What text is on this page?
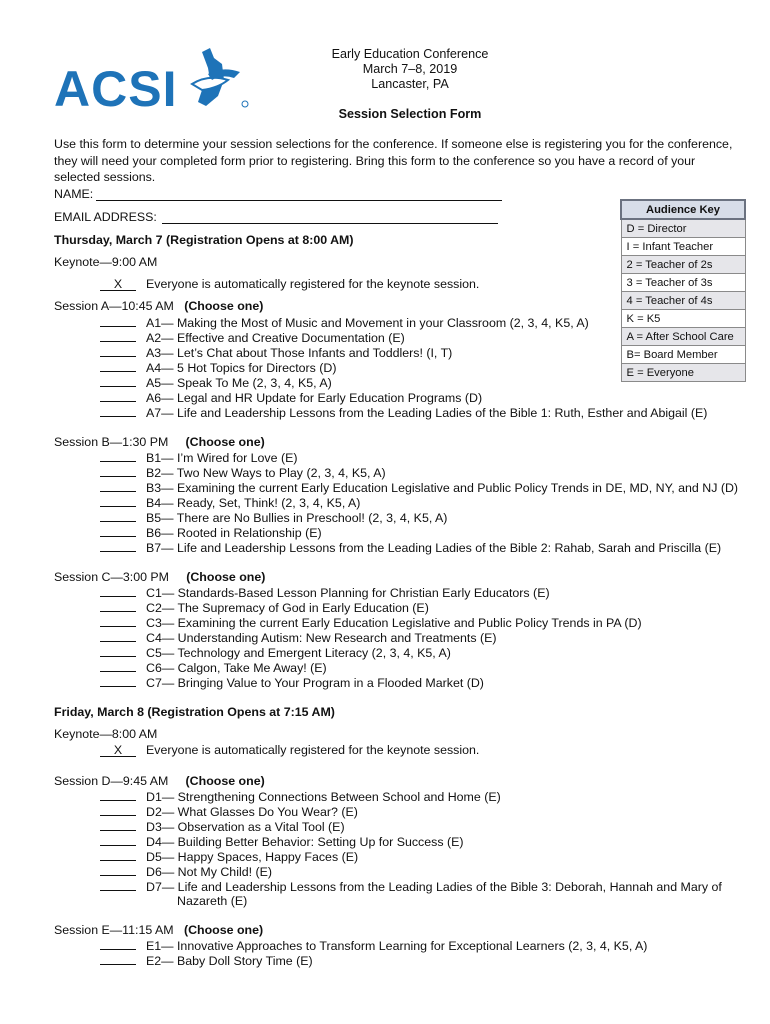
ACSI
Early Education Conference
March 7–8, 2019
Lancaster, PA
Session Selection Form
Use this form to determine your session selections for the conference. If someone else is registering you for the conference, they will need your completed form prior to registering. Bring this form to the conference so you have a record of your selected sessions.
NAME:
EMAIL ADDRESS:
Audience Key
D = Director
I = Infant Teacher
2 = Teacher of 2s
3 = Teacher of 3s
4 = Teacher of 4s
K = K5
A = After School Care
B= Board Member
E = Everyone
Thursday, March 7 (Registration Opens at 8:00 AM)
Keynote—9:00 AM
X Everyone is automatically registered for the keynote session.
Session A—10:45 AM (Choose one)
A1— Making the Most of Music and Movement in your Classroom (2, 3, 4, K5, A)
A2— Effective and Creative Documentation (E)
A3— Let’s Chat about Those Infants and Toddlers! (I, T)
A4— 5 Hot Topics for Directors (D)
A5— Speak To Me (2, 3, 4, K5, A)
A6— Legal and HR Update for Early Education Programs (D)
A7— Life and Leadership Lessons from the Leading Ladies of the Bible 1: Ruth, Esther and Abigail (E)
Session B—1:30 PM (Choose one)
B1— I’m Wired for Love (E)
B2— Two New Ways to Play (2, 3, 4, K5, A)
B3— Examining the current Early Education Legislative and Public Policy Trends in DE, MD, NY, and NJ (D)
B4— Ready, Set, Think! (2, 3, 4, K5, A)
B5— There are No Bullies in Preschool! (2, 3, 4, K5, A)
B6— Rooted in Relationship (E)
B7— Life and Leadership Lessons from the Leading Ladies of the Bible 2: Rahab, Sarah and Priscilla (E)
Session C—3:00 PM (Choose one)
C1— Standards-Based Lesson Planning for Christian Early Educators (E)
C2— The Supremacy of God in Early Education (E)
C3— Examining the current Early Education Legislative and Public Policy Trends in PA (D)
C4— Understanding Autism: New Research and Treatments (E)
C5— Technology and Emergent Literacy (2, 3, 4, K5, A)
C6— Calgon, Take Me Away! (E)
C7— Bringing Value to Your Program in a Flooded Market (D)
Friday, March 8 (Registration Opens at 7:15 AM)
Keynote—8:00 AM
X Everyone is automatically registered for the keynote session.
Session D—9:45 AM (Choose one)
D1— Strengthening Connections Between School and Home (E)
D2— What Glasses Do You Wear? (E)
D3— Observation as a Vital Tool (E)
D4— Building Better Behavior: Setting Up for Success (E)
D5— Happy Spaces, Happy Faces (E)
D6— Not My Child! (E)
D7— Life and Leadership Lessons from the Leading Ladies of the Bible 3: Deborah, Hannah and Mary of
Nazareth (E)
Session E—11:15 AM (Choose one)
E1— Innovative Approaches to Transform Learning for Exceptional Learners (2, 3, 4, K5, A)
E2— Baby Doll Story Time (E)
